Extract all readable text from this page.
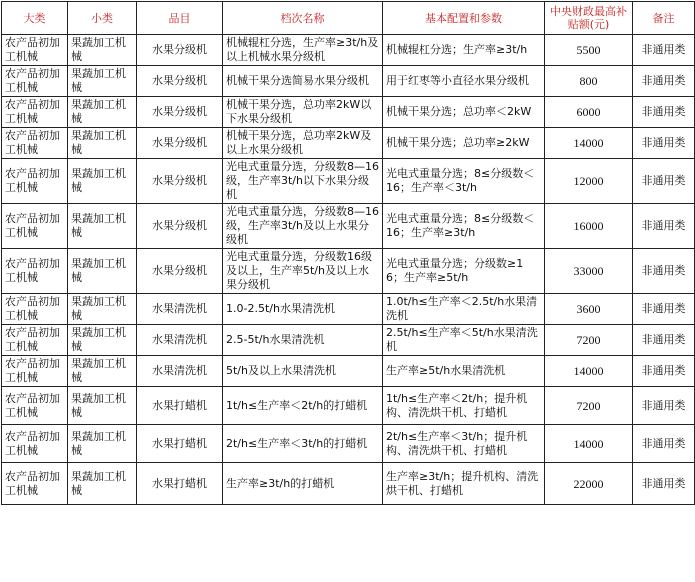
大类	小类	品目	档次名称	基本配置和参数	中央财政最高补贴额(元)	备注
农产品初加工机械	果蔬加工机械	水果分级机	机械辊杠分选，生产率≥3t/h及以上机械水果分级机	机械辊杠分选；生产率≥3t/h	5500	非通用类
农产品初加工机械	果蔬加工机械	水果分级机	机械干果分选简易水果分级机	用于红枣等小直径水果分级机	800	非通用类
农产品初加工机械	果蔬加工机械	水果分级机	机械干果分选，总功率2kW以下水果分级机	机械干果分选；总功率＜2kW	6000	非通用类
农产品初加工机械	果蔬加工机械	水果分级机	机械干果分选，总功率2kW及以上水果分级机	机械干果分选；总功率≥2kW	14000	非通用类
农产品初加工机械	果蔬加工机械	水果分级机	光电式重量分选，分级数8—16级，生产率3t/h以下水果分级机	光电式重量分选；8≤分级数＜16；生产率＜3t/h	12000	非通用类
农产品初加工机械	果蔬加工机械	水果分级机	光电式重量分选，分级数8—16级，生产率3t/h及以上水果分级机	光电式重量分选；8≤分级数＜16；生产率≥3t/h	16000	非通用类
农产品初加工机械	果蔬加工机械	水果分级机	光电式重量分选，分级数16级及以上，生产率5t/h及以上水果分级机	光电式重量分选；分级数≥16；生产率≥5t/h	33000	非通用类
农产品初加工机械	果蔬加工机械	水果清洗机	1.0-2.5t/h水果清洗机	1.0t/h≤生产率＜2.5t/h水果清洗机	3600	非通用类
农产品初加工机械	果蔬加工机械	水果清洗机	2.5-5t/h水果清洗机	2.5t/h≤生产率＜5t/h水果清洗机	7200	非通用类
农产品初加工机械	果蔬加工机械	水果清洗机	5t/h及以上水果清洗机	生产率≥5t/h水果清洗机	14000	非通用类
农产品初加工机械	果蔬加工机械	水果打蜡机	1t/h≤生产率＜2t/h的打蜡机	1t/h≤生产率＜2t/h；提升机构、清洗烘干机、打蜡机	7200	非通用类
农产品初加工机械	果蔬加工机械	水果打蜡机	2t/h≤生产率＜3t/h的打蜡机	2t/h≤生产率＜3t/h；提升机构、清洗烘干机、打蜡机	14000	非通用类
农产品初加工机械	果蔬加工机械	水果打蜡机	生产率≥3t/h的打蜡机	生产率≥3t/h；提升机构、清洗烘干机、打蜡机	22000	非通用类
